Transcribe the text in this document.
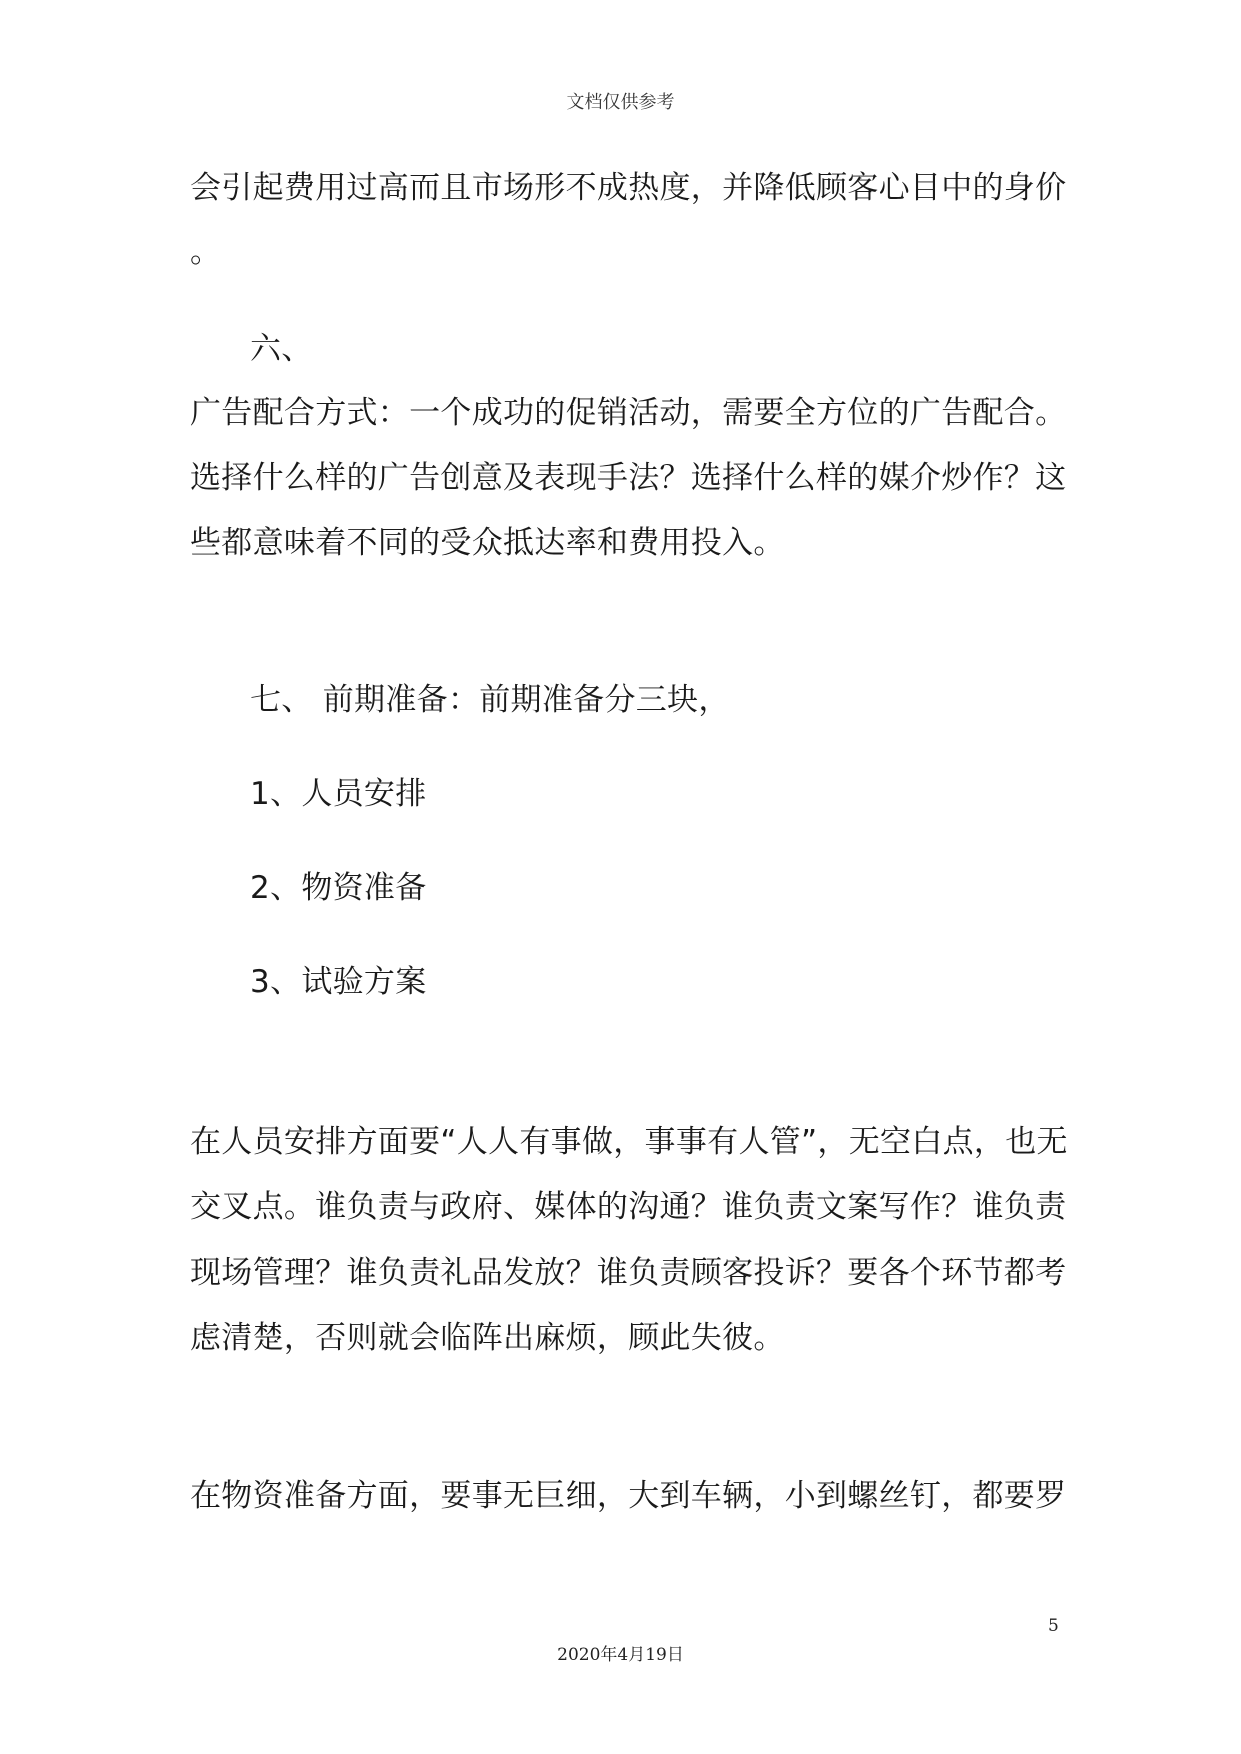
文档仅供参考
会引起费用过高而且市场形不成热度，并降低顾客心目中的身价
。
六、
广告配合方式：一个成功的促销活动，需要全方位的广告配合。
选择什么样的广告创意及表现手法？选择什么样的媒介炒作？这
些都意味着不同的受众抵达率和费用投入。
七、 前期准备：前期准备分三块，
1、人员安排
2、物资准备
3、试验方案
在人员安排方面要“人人有事做，事事有人管”，无空白点，也无
交叉点。谁负责与政府、媒体的沟通？谁负责文案写作？谁负责
现场管理？谁负责礼品发放？谁负责顾客投诉？要各个环节都考
虑清楚，否则就会临阵出麻烦，顾此失彼。
在物资准备方面，要事无巨细，大到车辆，小到螺丝钉，都要罗
5
2020年4月19日
